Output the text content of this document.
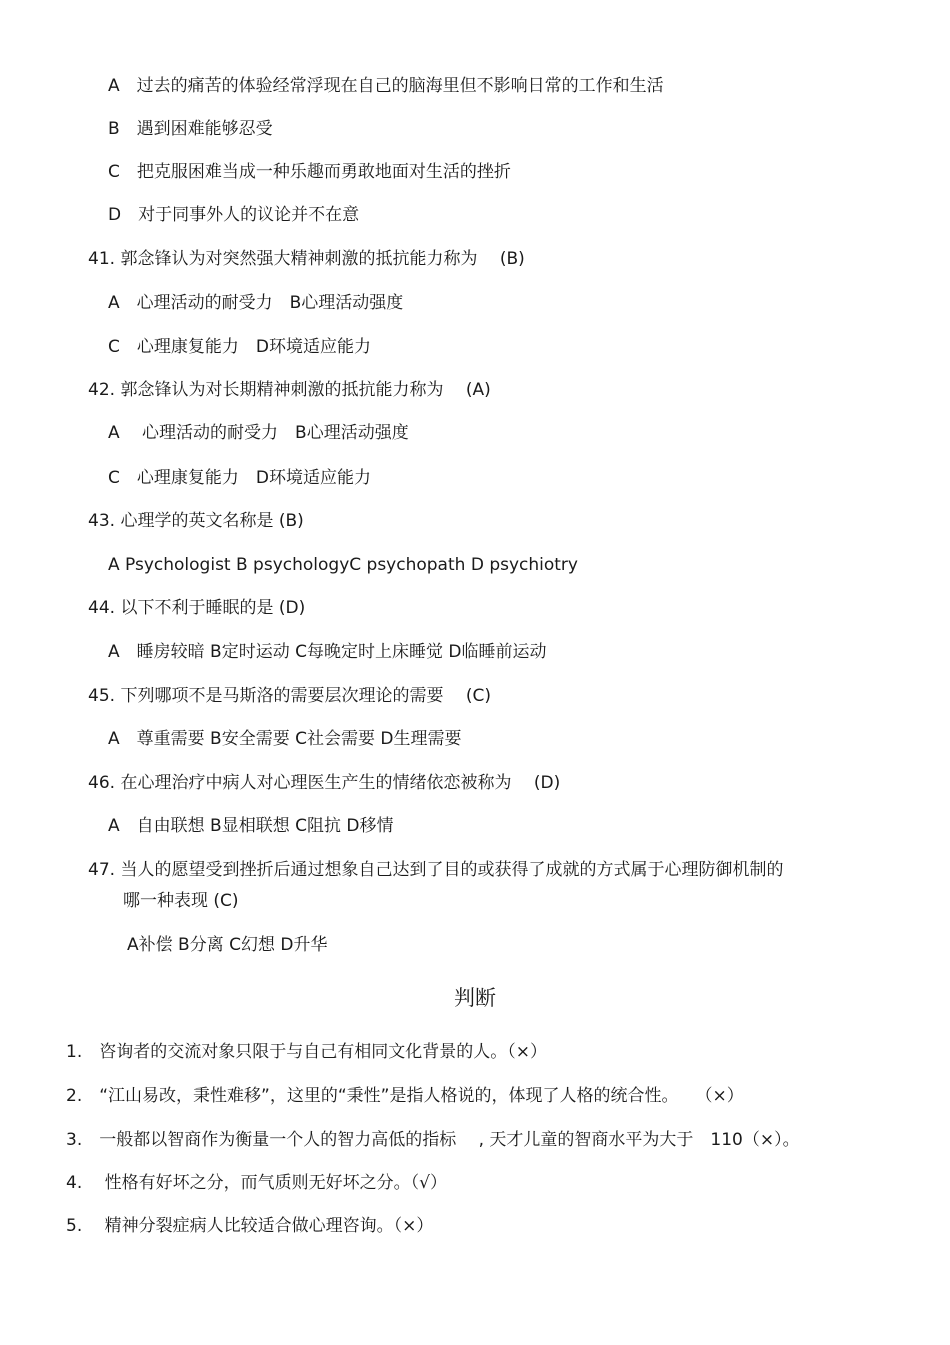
A　过去的痛苦的体验经常浮现在自己的脑海里但不影响日常的工作和生活
B　遇到困难能够忍受
C　把克服困难当成一种乐趣而勇敢地面对生活的挫折
D　对于同事外人的议论并不在意
41. 郭念锋认为对突然强大精神刺激的抵抗能力称为　 (B)
A　心理活动的耐受力　B心理活动强度
C　心理康复能力　D环境适应能力
42. 郭念锋认为对长期精神刺激的抵抗能力称为　 (A)
A　 心理活动的耐受力　B心理活动强度
C　心理康复能力　D环境适应能力
43. 心理学的英文名称是 (B)
A Psychologist B psychologyC psychopath D psychiotry
44. 以下不利于睡眠的是 (D)
A　睡房较暗 B定时运动 C每晚定时上床睡觉 D临睡前运动
45. 下列哪项不是马斯洛的需要层次理论的需要　 (C)
A　尊重需要 B安全需要 C社会需要 D生理需要
46. 在心理治疗中病人对心理医生产生的情绪依恋被称为　 (D)
A　自由联想 B显相联想 C阻抗 D移情
47. 当人的愿望受到挫折后通过想象自己达到了目的或获得了成就的方式属于心理防御机制的
哪一种表现 (C)
A补偿 B分离 C幻想 D升华
判断
1.　咨询者的交流对象只限于与自己有相同文化背景的人。（×）
2.　“江山易改，秉性难移”，这里的“秉性”是指人格说的，体现了人格的统合性。　　（×）
3.　一般都以智商作为衡量一个人的智力高低的指标　 , 天才儿童的智商水平为大于　110（×）。
4.　 性格有好坏之分，而气质则无好坏之分。（√）
5.　 精神分裂症病人比较适合做心理咨询。（×）
